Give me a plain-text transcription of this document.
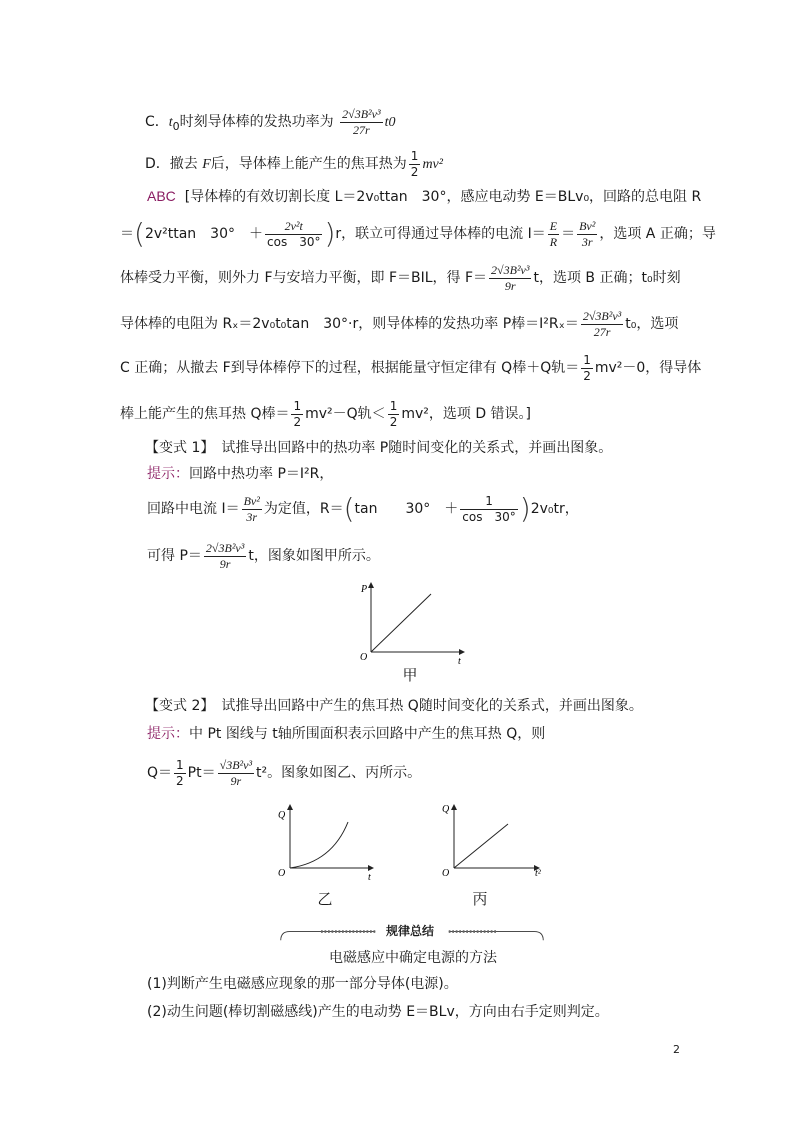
C．$t_0$时刻导体棒的发热功率为 $\frac{\text{2√3B²v³}}{27r} t0$
D．撤去 F后，导体棒上能产生的焦耳热为 $\frac{1}{2} mv^2$
ABC [导体棒的有效切割长度 L＝2v₀ttan　30°，感应电动势 E＝BLv₀，回路的总电阻 R
＝(2v²ttan　30°　＋ $\frac{\text{2v²t}}{\cos 30^\circ} )r$，联立可得通过导体棒的电流 $I= \frac{E}{R} = \frac{\text{Bv²}}{3r}$ ，选项 A 正确；导
体棒受力平衡，则外力 F与安培力平衡，即 F＝BIL，得 $F= \frac{\text{2√3B²v³}}{9r}$ t，选项 B 正确；t₀时刻
导体棒的电阻为 Rₓ＝2v₀t₀tan　30°·r，则导体棒的发热功率 P棒$=I^2R_x= \frac{\text{2√3B²v³}}{27r} t_0$，选项
C 正确；从撤去 F到导体棒停下的过程，根据能量守恒定律有 Q棒＋Q轨＝ $\frac{1}{2} mv^2-0$，得导体
棒上能产生的焦耳热 Q棒＝ $\frac{1}{2} mv^2-Q$轨＜ $\frac{1}{2} mv^2$，选项 D 错误。]
【变式 1】　试推导出回路中的热功率 P随时间变化的关系式，并画出图象。
提示：回路中热功率 P＝I²R，
回路中电流 $I= \frac{\text{Bv²}}{3r}$ 为定值，R＝(tan　　30°　＋ $\frac{1}{\cos 30^\circ} )2v_0tr$，
可得 $P= \frac{\text{2√3B²v³}}{9r}$ t，图象如图甲所示。
P
t
O
甲
【变式 2】　试推导出回路中产生的焦耳热 Q随时间变化的关系式，并画出图象。
提示：中 Pt 图线与 t轴所围面积表示回路中产生的焦耳热 Q，则
$Q= \frac{1}{2} Pt= \frac{\text{√3B²v³}}{9r} t^2$。图象如图乙、丙所示。
Q
t
O
乙
Q
t²
O
丙
规律总结
电磁感应中确定电源的方法
(1)判断产生电磁感应现象的那一部分导体(电源)。
(2)动生问题(棒切割磁感线)产生的电动势 E＝BLv，方向由右手定则判定。
2
